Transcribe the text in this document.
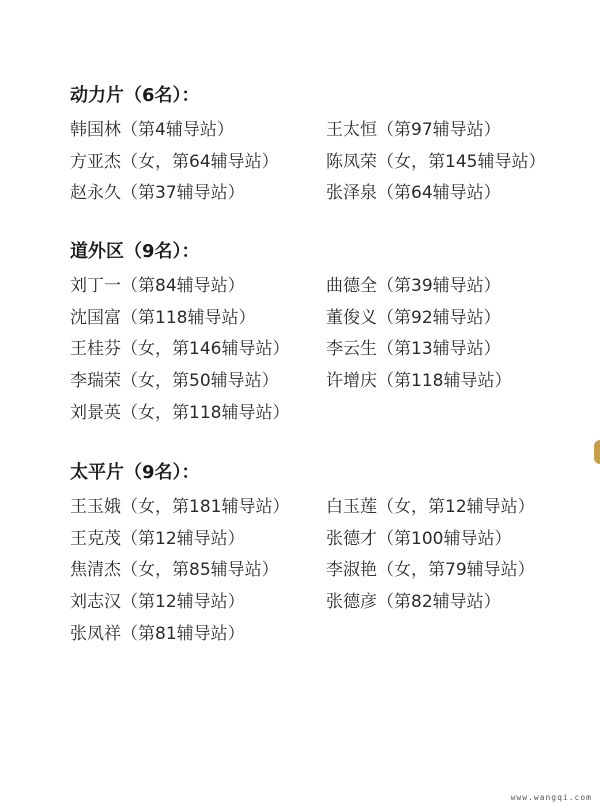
动力片（6名）：
韩国林（第4辅导站）	王太恒（第97辅导站）
方亚杰（女，第64辅导站）	陈凤荣（女，第145辅导站）
赵永久（第37辅导站）	张泽泉（第64辅导站）
道外区（9名）：
刘丁一（第84辅导站）	曲德全（第39辅导站）
沈国富（第118辅导站）	董俊义（第92辅导站）
王桂芬（女，第146辅导站）	李云生（第13辅导站）
李瑞荣（女，第50辅导站）	许增庆（第118辅导站）
刘景英（女，第118辅导站）
太平片（9名）：
王玉娥（女，第181辅导站）	白玉莲（女，第12辅导站）
王克茂（第12辅导站）	张德才（第100辅导站）
焦清杰（女，第85辅导站）	李淑艳（女，第79辅导站）
刘志汉（第12辅导站）	张德彦（第82辅导站）
张凤祥（第81辅导站）
www.wangqi.com
